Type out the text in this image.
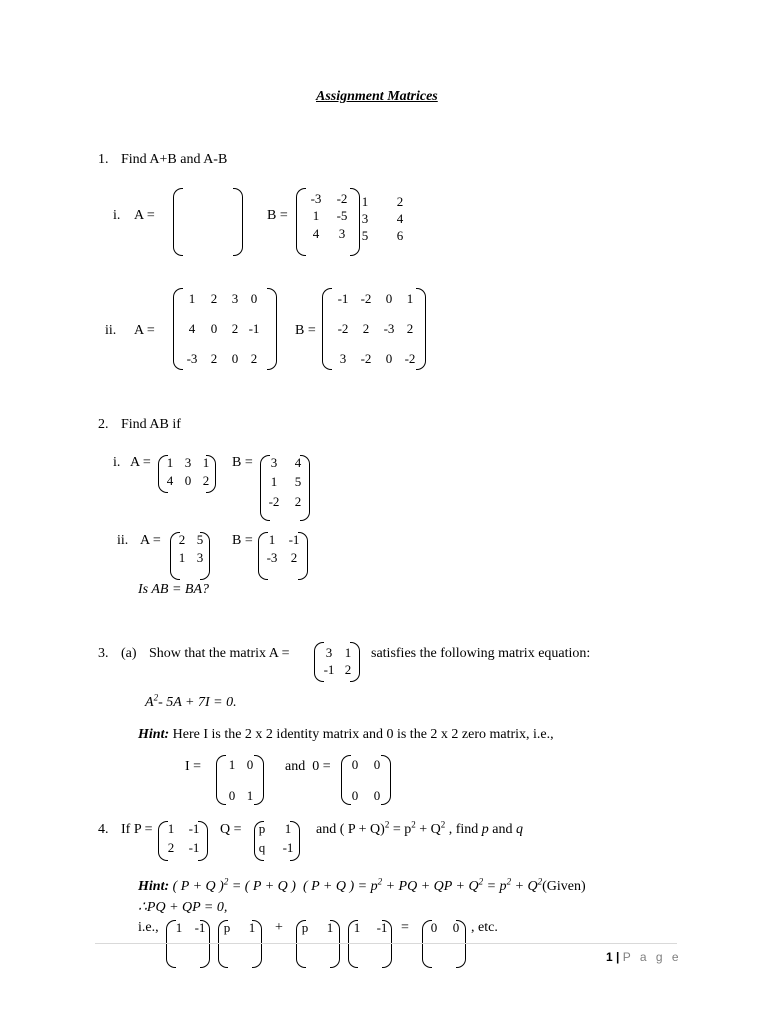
Assignment Matrices
1. Find A+B and A-B
i. A =
1 2
3 4
5 6
B =
-3 -2
1 -5
4 3
ii. A =
1 2 3 0
4 0 2 -1
-3 2 0 2
B =
-1 -2 0 1
-2 2 -3 2
3 -2 0 -2
2. Find AB if
i. A = 1 3 1
4 0 2
B = 3 4
1 5
-2 2
ii. A = 2 5
1 3
B = 1 -1
-3 2
Is AB = BA?
3. (a) Show that the matrix A =	3 1
-1 2
satisfies the following matrix equation:
$A^2-$ 5A + 7I = 0.
Hint: Here I is the 2 x 2 identity matrix and 0 is the 2 x 2 zero matrix, i.e.,
I = 1 0
0 1
and  0 = 0 0
0 0
4. If P = 1 -1
2 -1
Q = p 1
q -1
and ( $P + Q)^2 = p^2 + Q^2$ , find p and q
Hint: ( P + Q )$^2$ = ( P + Q )  ( P + Q ) = $p^2$ + PQ + QP + $Q^2 = p^2$ + $Q^2(Given)$
∴PQ + QP = 0,
i.e., 1 -1 p 1 + p 1 1 -1 = 0 0 , etc.
1 | P a g e
